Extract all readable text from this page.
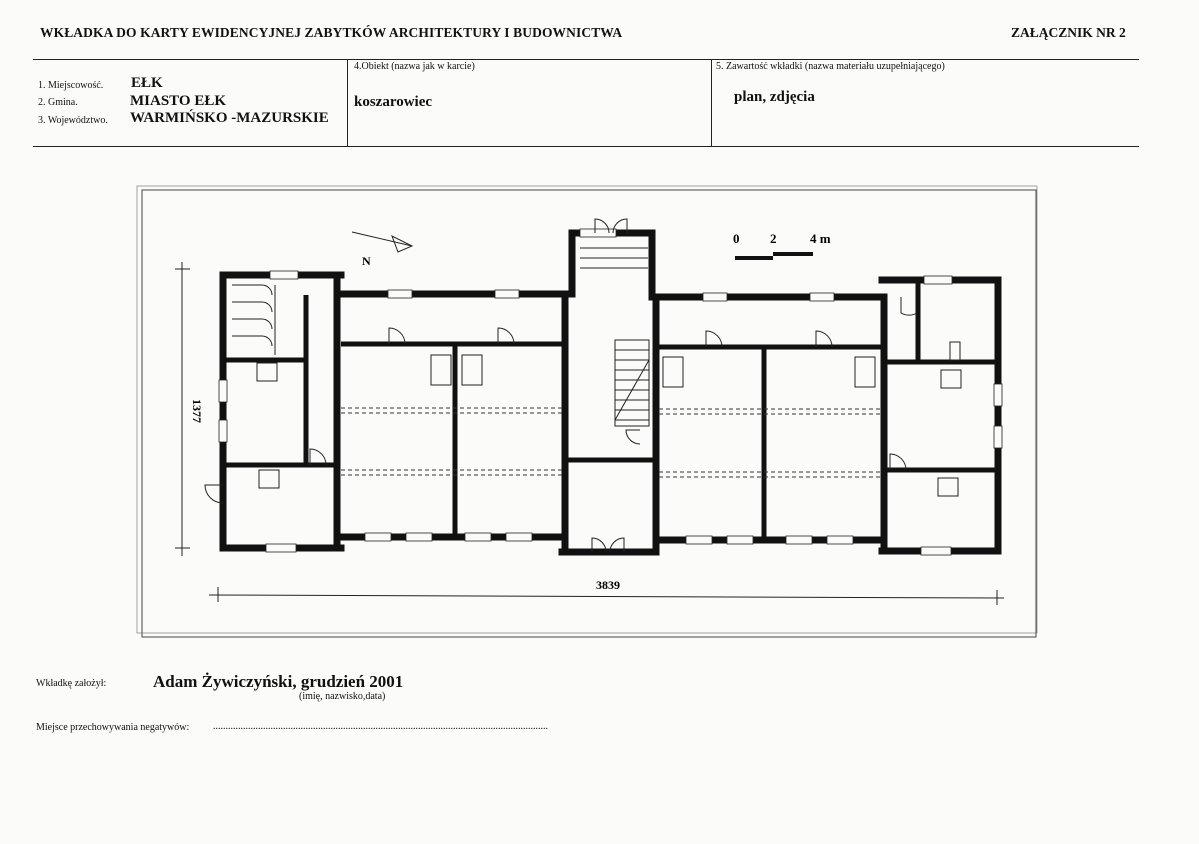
WKŁADKA DO KARTY EWIDENCYJNEJ ZABYTKÓW ARCHITEKTURY I BUDOWNICTWA	ZAŁĄCZNIK NR 2
1. Miejscowość. EŁK
2. Gmina.	MIASTO EŁK
3. Województwo. WARMIŃSKO -MAZURSKIE
4.Obiekt (nazwa jak w karcie)
koszarowiec
5. Zawartość wkładki (nazwa materiału uzupełniającego)
plan, zdjęcia
N
0 2	4 m
1377
3839
Wkładkę założył:	Adam Żywiczyński, grudzień 2001
(imię, nazwisko,data)
Miejsce przechowywania negatywów: ......................................................................................................................................
